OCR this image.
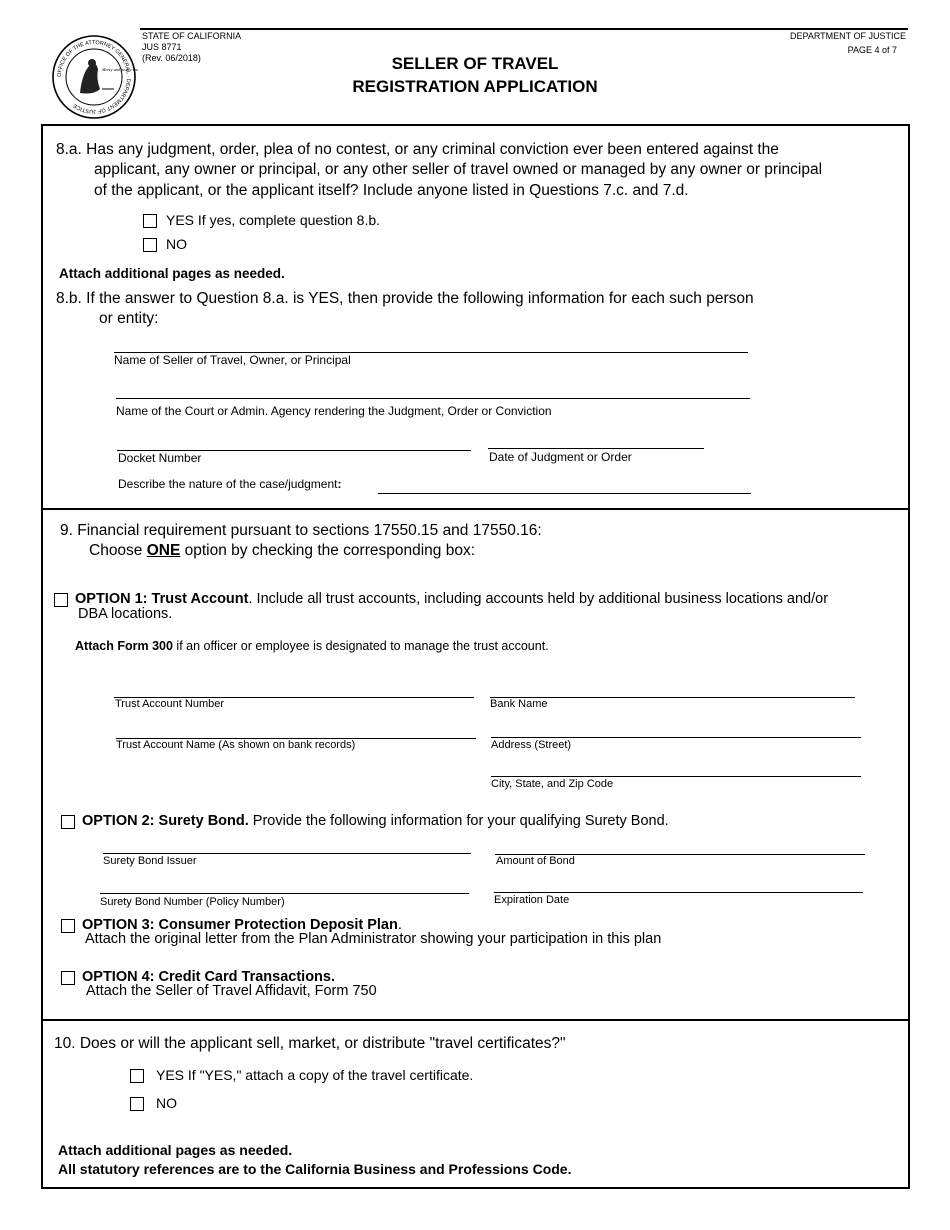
OFFICE OF THE ATTORNEY GENERAL · DEPARTMENT OF JUSTICE
Mercy and justice un
STATE OF CALIFORNIA
JUS 8771
(Rev. 06/2018)
DEPARTMENT OF JUSTICE
PAGE 4 of 7
SELLER OF TRAVEL
REGISTRATION APPLICATION
8.a. Has any judgment, order, plea of no contest, or any criminal conviction ever been entered against the
applicant, any owner or principal, or any other seller of travel owned or managed by any owner or principal
of the applicant, or the applicant itself? Include anyone listed in Questions 7.c. and 7.d.
YES If yes, complete question 8.b.
NO
Attach additional pages as needed.
8.b. If the answer to Question 8.a. is YES, then provide the following information for each such person
or entity:
Name of Seller of Travel, Owner, or Principal
Name of the Court or Admin. Agency rendering the Judgment, Order or Conviction
Docket Number	Date of Judgment or Order
Describe the nature of the case/judgment:
9. Financial requirement pursuant to sections 17550.15 and 17550.16:
Choose ONE option by checking the corresponding box:
OPTION 1: Trust Account. Include all trust accounts, including accounts held by additional business locations and/or
DBA locations.
Attach Form 300 if an officer or employee is designated to manage the trust account.
Trust Account Number	Bank Name
Trust Account Name (As shown on bank records)	Address (Street)
City, State, and Zip Code
OPTION 2: Surety Bond. Provide the following information for your qualifying Surety Bond.
Surety Bond Issuer	Amount of Bond
Surety Bond Number (Policy Number)	Expiration Date
OPTION 3: Consumer Protection Deposit Plan.
Attach the original letter from the Plan Administrator showing your participation in this plan
OPTION 4: Credit Card Transactions.
Attach the Seller of Travel Affidavit, Form 750
10. Does or will the applicant sell, market, or distribute "travel certificates?"
YES If "YES," attach a copy of the travel certificate.
NO
Attach additional pages as needed.
All statutory references are to the California Business and Professions Code.
